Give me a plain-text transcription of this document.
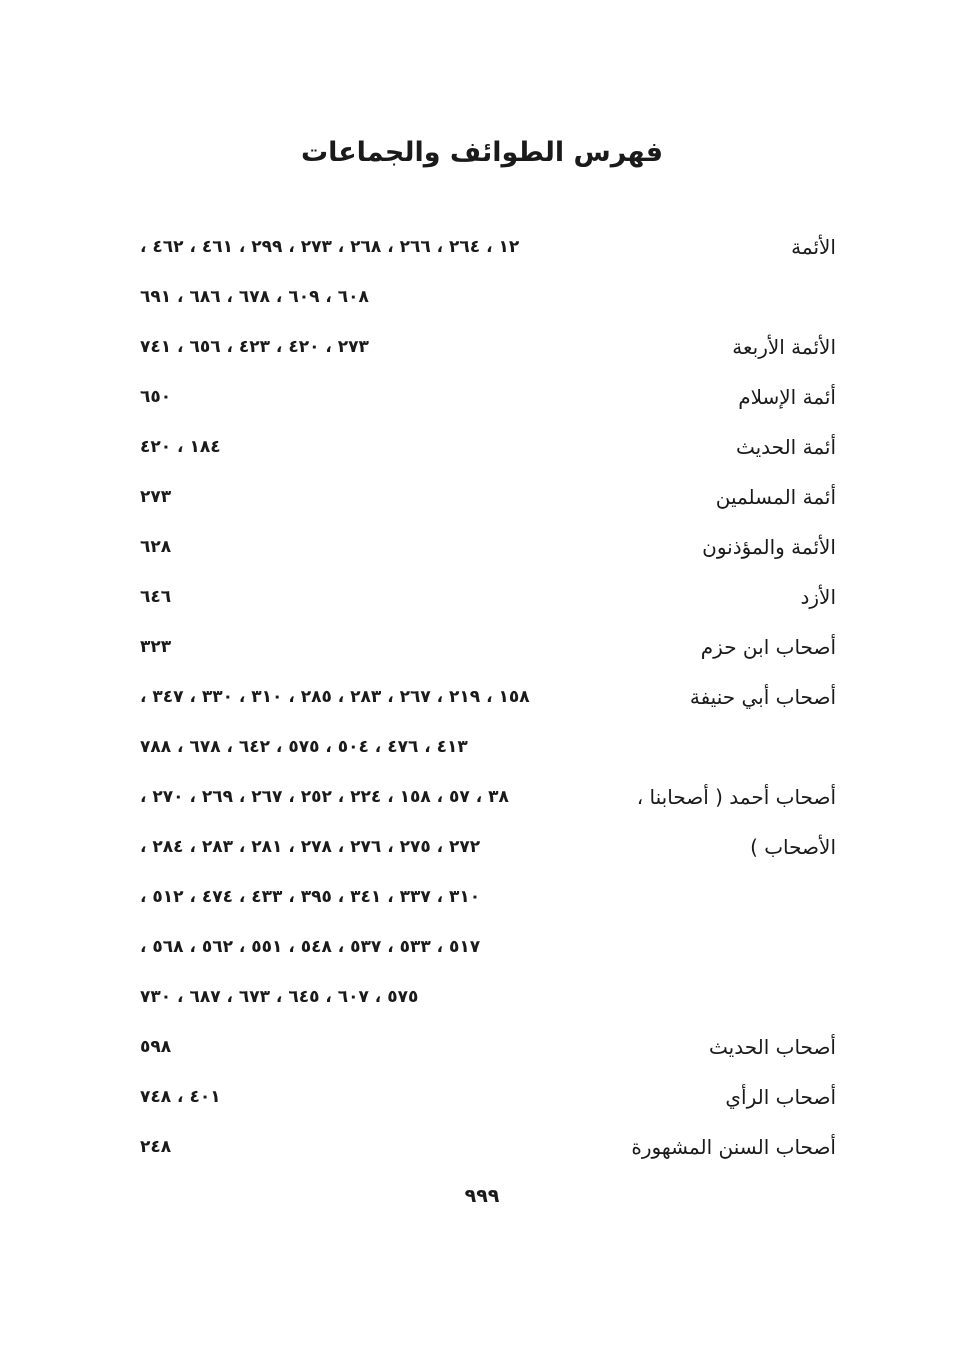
فهرس الطوائف والجماعات
الأئمة
١٢ ، ٢٦٤ ، ٢٦٦ ، ٢٦٨ ، ٢٧٣ ، ٢٩٩ ، ٤٦١ ، ٤٦٢ ،
٦٠٨ ، ٦٠٩ ، ٦٧٨ ، ٦٨٦ ، ٦٩١
الأئمة الأربعة
٢٧٣ ، ٤٢٠ ، ٤٢٣ ، ٦٥٦ ، ٧٤١
أئمة الإسلام
٦٥٠
أئمة الحديث
١٨٤ ، ٤٢٠
أئمة المسلمين
٢٧٣
الأئمة والمؤذنون
٦٢٨
الأزد
٦٤٦
أصحاب ابن حزم
٣٢٣
أصحاب أبي حنيفة
١٥٨ ، ٢١٩ ، ٢٦٧ ، ٢٨٣ ، ٢٨٥ ، ٣١٠ ، ٣٣٠ ، ٣٤٧ ،
٤١٣ ، ٤٧٦ ، ٥٠٤ ، ٥٧٥ ، ٦٤٢ ، ٦٧٨ ، ٧٨٨
أصحاب أحمد ( أصحابنا ،
٣٨ ، ٥٧ ، ١٥٨ ، ٢٢٤ ، ٢٥٢ ، ٢٦٧ ، ٢٦٩ ، ٢٧٠ ،
الأصحاب )
٢٧٢ ، ٢٧٥ ، ٢٧٦ ، ٢٧٨ ، ٢٨١ ، ٢٨٣ ، ٢٨٤ ،
٣١٠ ، ٣٣٧ ، ٣٤١ ، ٣٩٥ ، ٤٣٣ ، ٤٧٤ ، ٥١٢ ،
٥١٧ ، ٥٣٣ ، ٥٣٧ ، ٥٤٨ ، ٥٥١ ، ٥٦٢ ، ٥٦٨ ،
٥٧٥ ، ٦٠٧ ، ٦٤٥ ، ٦٧٣ ، ٦٨٧ ، ٧٣٠
أصحاب الحديث
٥٩٨
أصحاب الرأي
٤٠١ ، ٧٤٨
أصحاب السنن المشهورة
٢٤٨
٩٩٩
